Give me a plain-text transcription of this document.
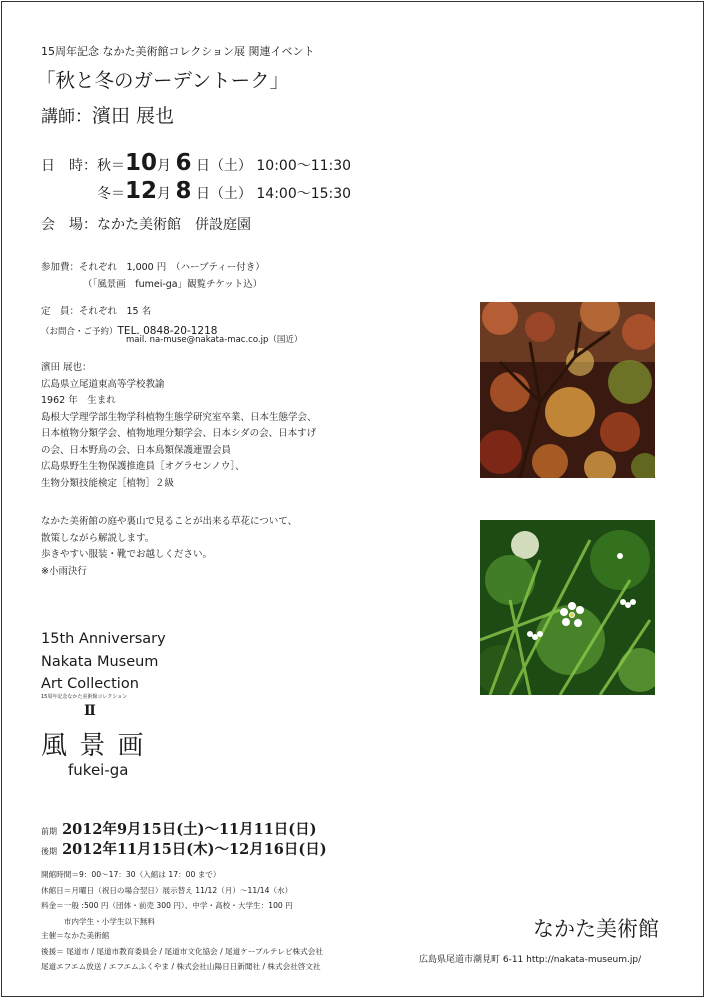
15周年記念 なかた美術館コレクション展 関連イベント
「秋と冬のガーデントーク」
講師：濱田 展也
日　時：秋＝10月 6 日（土） 10:00～11:30
冬＝12月 8 日（土） 14:00～15:30
会　場：なかた美術館　併設庭園
参加費：それぞれ　1,000 円　（ハーブティー付き）
（「風景画　fumei-ga」観覧チケット込）
定　員：それぞれ　15 名
（お問合・ご予約）TEL. 0848-20-1218
mail. na-muse@nakata-mac.co.jp（国近）
濱田 展也：
広島県立尾道東高等学校教諭
1962 年　生まれ
島根大学理学部生物学科植物生態学研究室卒業、日本生態学会、
日本植物分類学会、植物地理分類学会、日本シダの会、日本すげ
の会、日本野鳥の会、日本鳥類保護連盟会員
広島県野生生物保護推進員［オグラセンノウ］、
生物分類技能検定［植物］２級
なかた美術館の庭や裏山で見ることが出来る草花について、
散策しながら解説します。
歩きやすい服装・靴でお越しください。
※小雨決行
15th Anniversary
Nakata Museum
Art Collection
15周年記念なかた美術館コレクション
Ⅱ
風 景 画
fukei-ga
前期 2012年9月15日(土)～11月11日(日)
後期 2012年11月15日(木)～12月16日(日)
開館時間＝9：00～17：30（入館は 17：00 まで）
休館日＝月曜日（祝日の場合翌日）展示替え 11/12（月）～11/14（水）
料金＝一般 :500 円（団体・前売 300 円）、中学・高校・大学生：100 円
　　　市内学生・小学生以下無料
主催＝なかた美術館
後援＝ 尾道市 / 尾道市教育委員会 / 尾道市文化協会 / 尾道ケーブルテレビ株式会社
尾道エフエム放送 / エフエムふくやま / 株式会社山陽日日新聞社 / 株式会社啓文社
なかた美術館
広島県尾道市潮見町 6-11 http://nakata-museum.jp/
